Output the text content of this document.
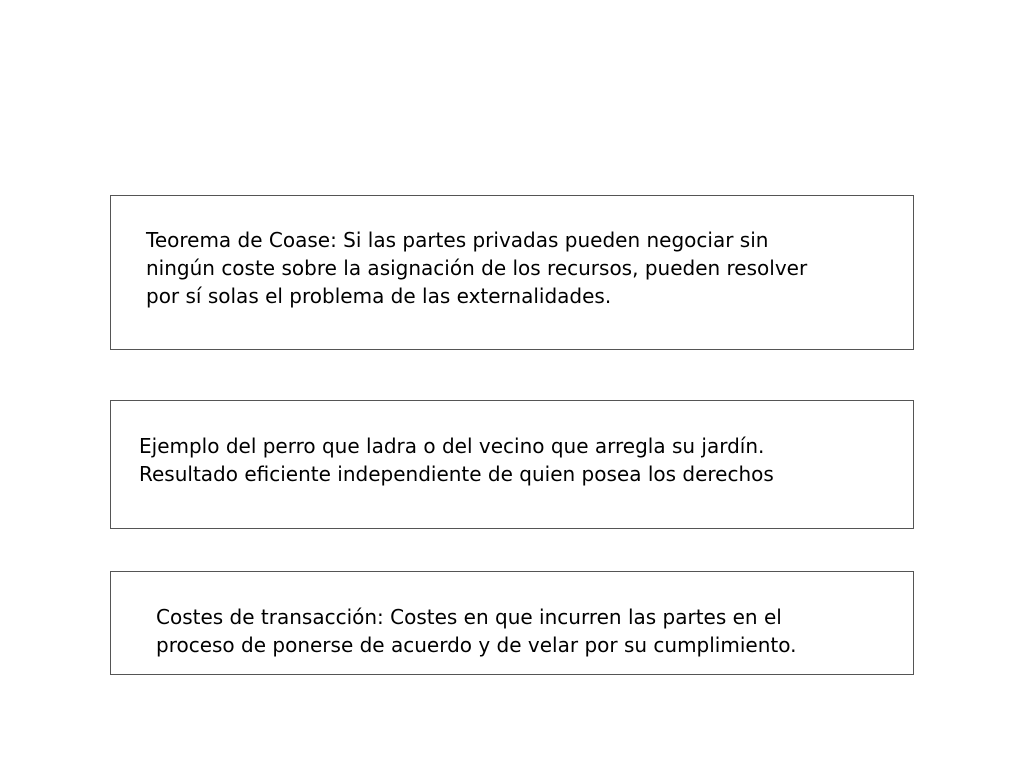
Teorema de Coase: Si las partes privadas pueden negociar sin
ningún coste sobre la asignación de los recursos, pueden resolver
por sí solas el problema de las externalidades.

Ejemplo del perro que ladra o del vecino que arregla su jardín.
Resultado eficiente independiente de quien posea los derechos

Costes de transacción: Costes en que incurren las partes en el
proceso de ponerse de acuerdo y de velar por su cumplimiento.
